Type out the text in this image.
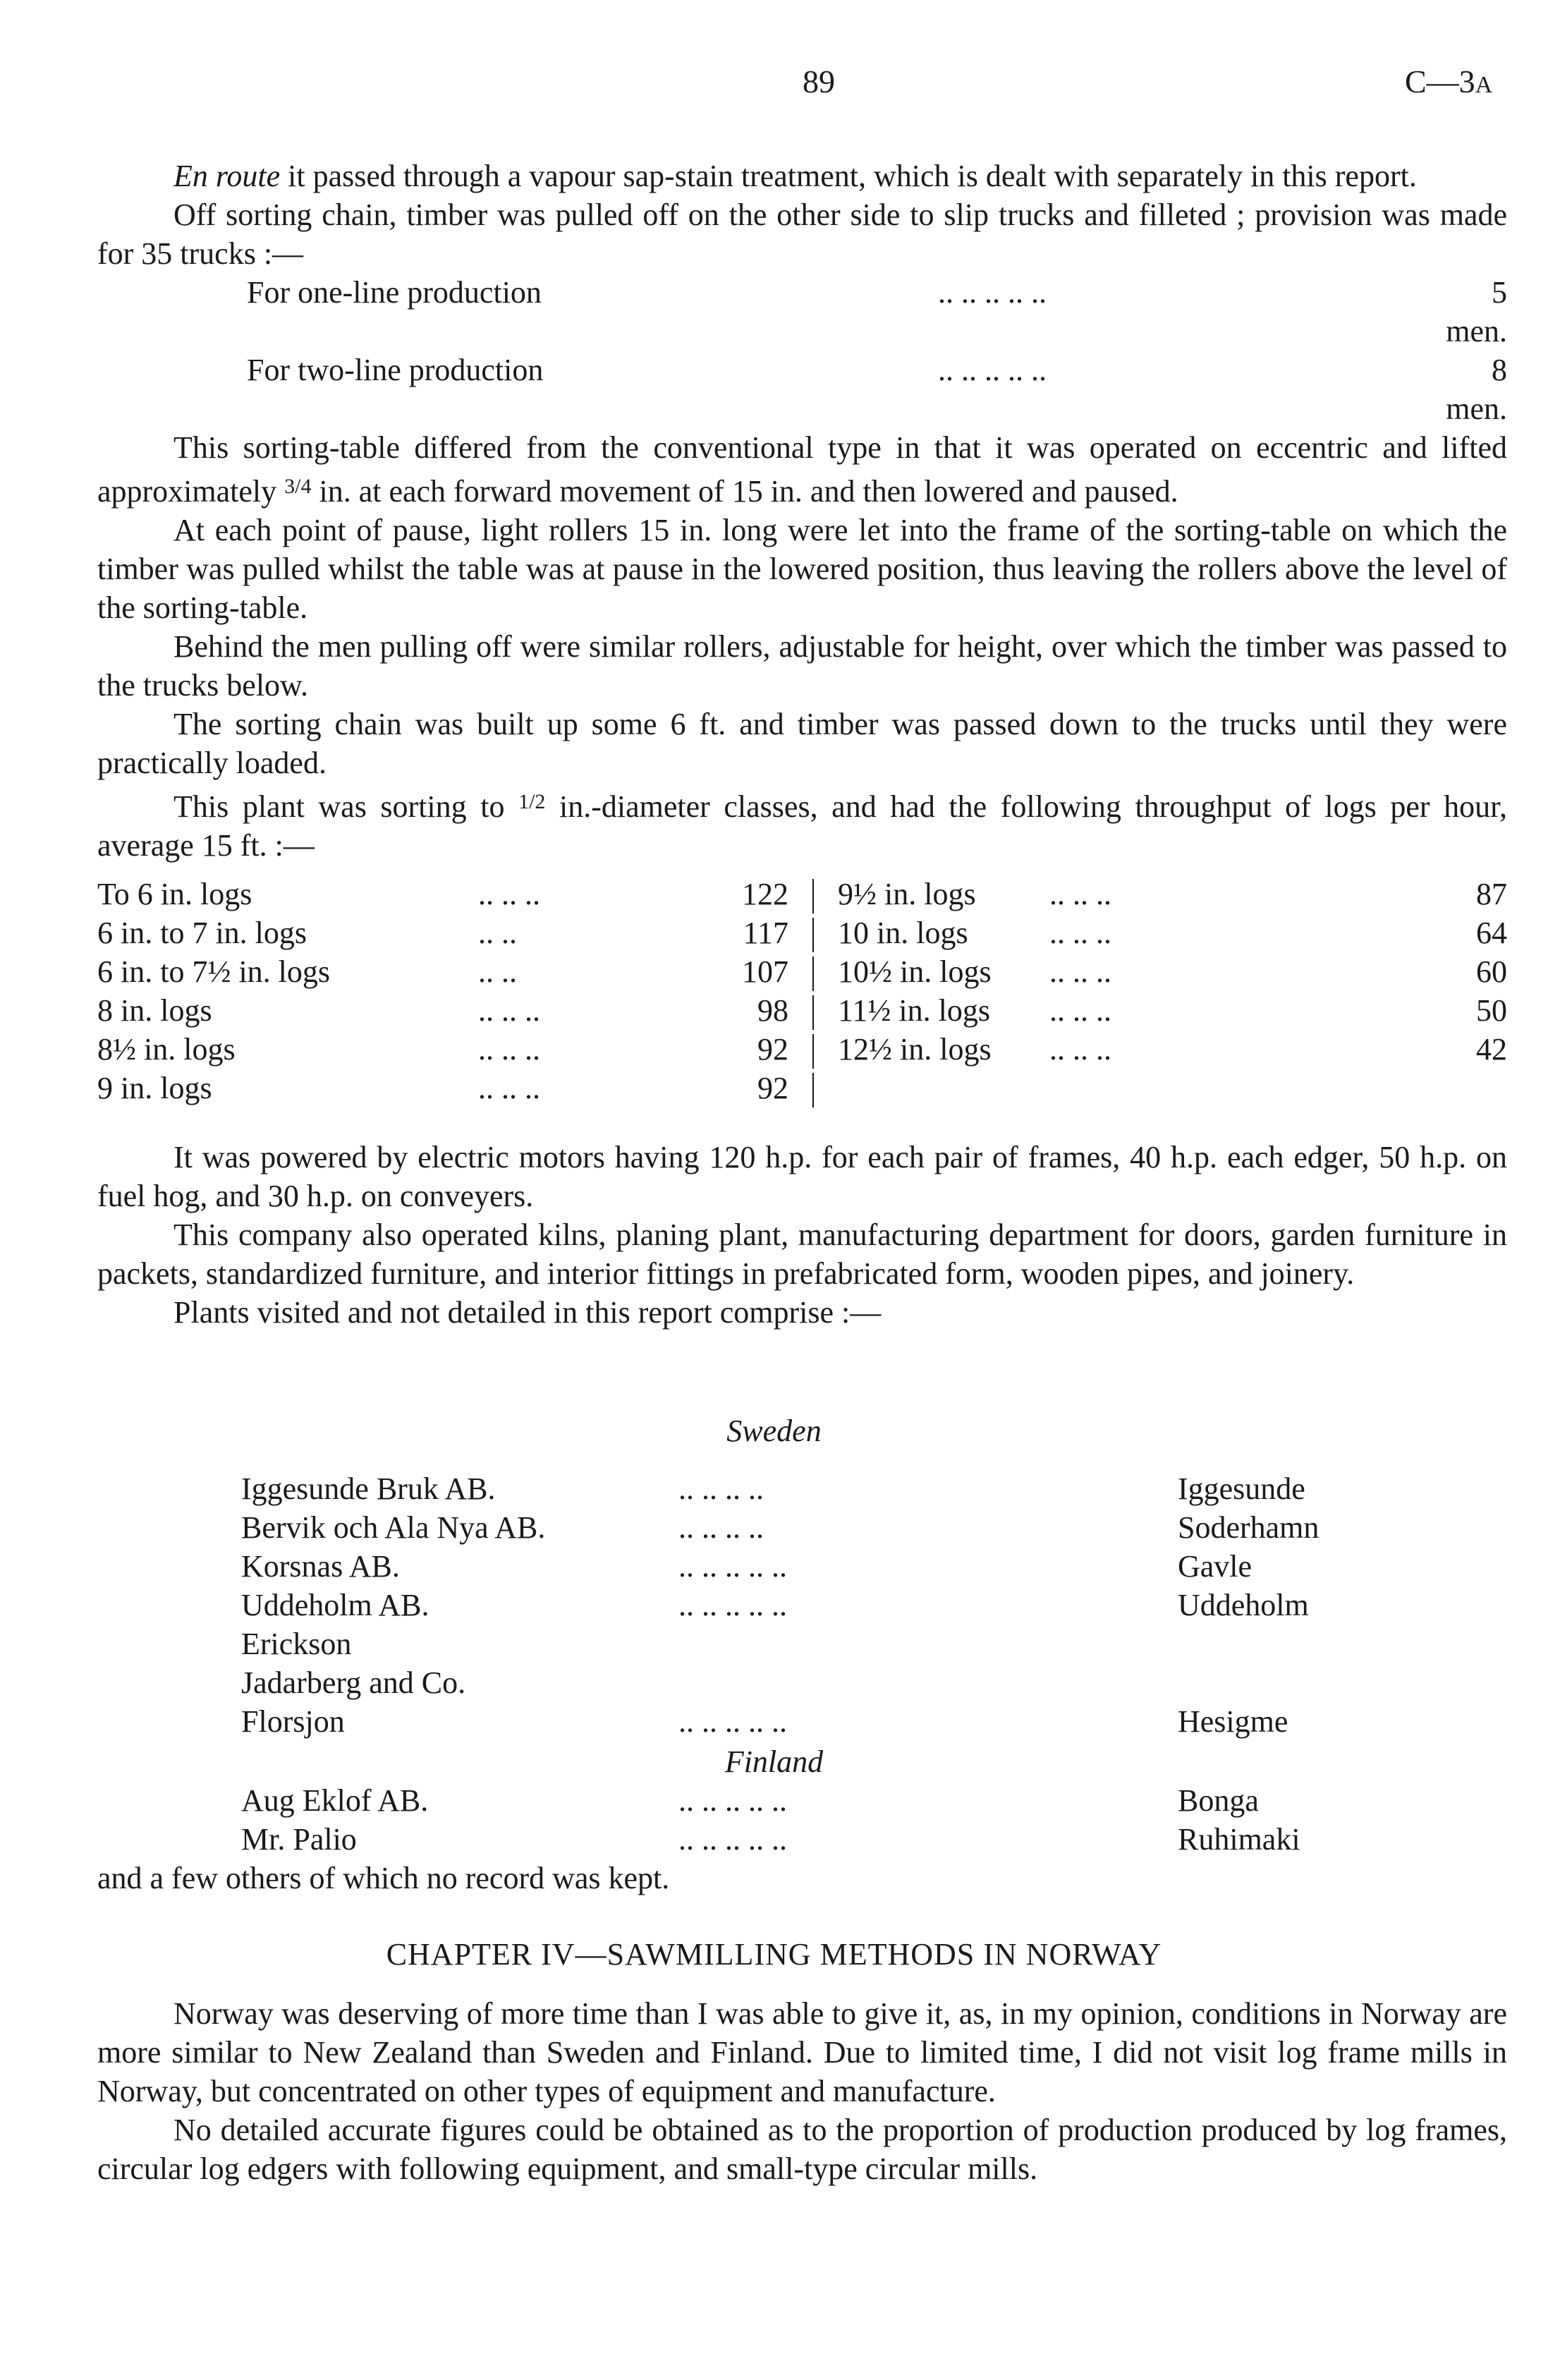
89	C—3A

En route it passed through a vapour sap-stain treatment, which is dealt with separately in this report.

Off sorting chain, timber was pulled off on the other side to slip trucks and filleted ; provision was made for 35 trucks :—

For one-line production	.. .. .. .. ..	5 men.
For two-line production	.. .. .. .. ..	8 men.

This sorting-table differed from the conventional type in that it was operated on eccentric and lifted approximately $^{3/4}$ in. at each forward movement of 15 in. and then lowered and paused.

At each point of pause, light rollers 15 in. long were let into the frame of the sorting-table on which the timber was pulled whilst the table was at pause in the lowered position, thus leaving the rollers above the level of the sorting-table.

Behind the men pulling off were similar rollers, adjustable for height, over which the timber was passed to the trucks below.

The sorting chain was built up some 6 ft. and timber was passed down to the trucks until they were practically loaded.

This plant was sorting to $^{1/2}$ in.-diameter classes, and had the following throughput of logs per hour, average 15 ft. :—

To 6 in. logs	.. .. ..	122 9½ in. logs	.. .. ..	87
6 in. to 7 in. logs	.. ..	117 10 in. logs	.. .. ..	64
6 in. to 7½ in. logs	.. ..	107 10½ in. logs	.. .. ..	60
8 in. logs	.. .. ..	98 11½ in. logs	.. .. ..	50
8½ in. logs	.. .. ..	92 12½ in. logs	.. .. ..	42
9 in. logs	.. .. ..	92

It was powered by electric motors having 120 h.p. for each pair of frames, 40 h.p. each edger, 50 h.p. on fuel hog, and 30 h.p. on conveyers.

This company also operated kilns, planing plant, manufacturing department for doors, garden furniture in packets, standardized furniture, and interior fittings in prefabricated form, wooden pipes, and joinery.

Plants visited and not detailed in this report comprise :—

Sweden
Iggesunde Bruk AB.	.. .. .. ..	Iggesunde
Bervik och Ala Nya AB.	.. .. .. ..	Soderhamn
Korsnas AB.	.. .. .. .. ..	Gavle
Uddeholm AB.	.. .. .. .. ..	Uddeholm
Erickson
Jadarberg and Co.
Florsjon	.. .. .. .. ..	Hesigme
Finland
Aug Eklof AB.	.. .. .. .. ..	Bonga
Mr. Palio	.. .. .. .. ..	Ruhimaki
and a few others of which no record was kept.
CHAPTER IV—SAWMILLING METHODS IN NORWAY

Norway was deserving of more time than I was able to give it, as, in my opinion, conditions in Norway are more similar to New Zealand than Sweden and Finland. Due to limited time, I did not visit log frame mills in Norway, but concentrated on other types of equipment and manufacture.

No detailed accurate figures could be obtained as to the proportion of production produced by log frames, circular log edgers with following equipment, and small-type circular mills.
